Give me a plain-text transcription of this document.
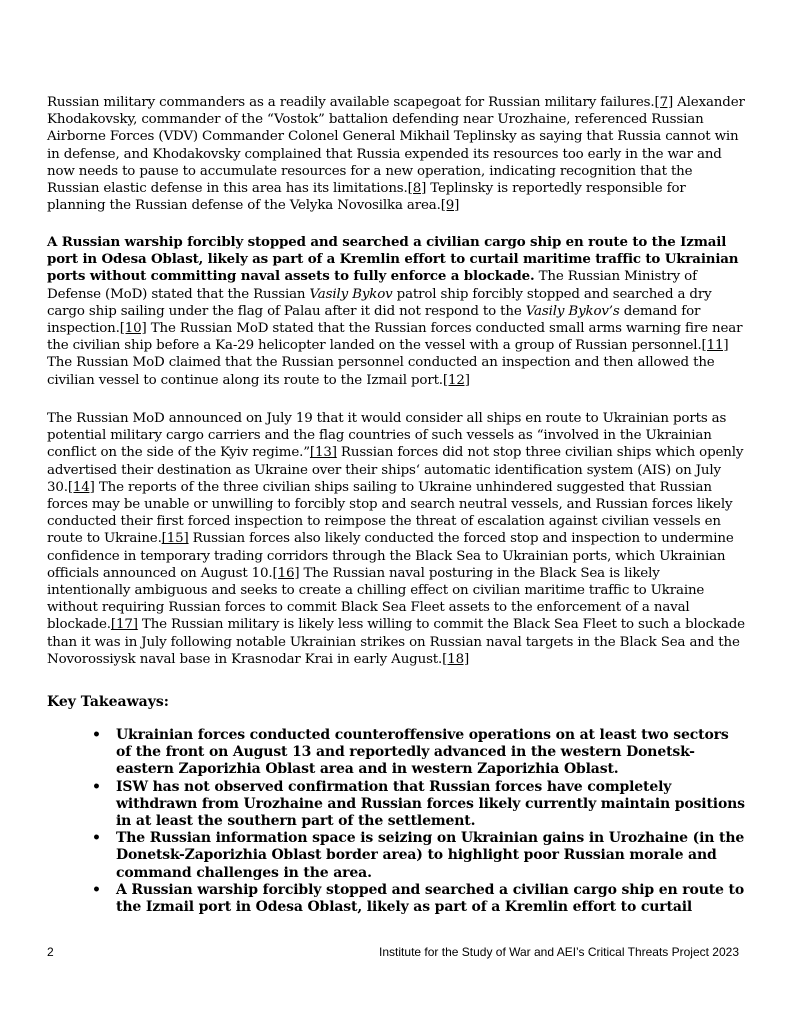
Russian military commanders as a readily available scapegoat for Russian military failures.[7] Alexander Khodakovsky, commander of the “Vostok” battalion defending near Urozhaine, referenced Russian Airborne Forces (VDV) Commander Colonel General Mikhail Teplinsky as saying that Russia cannot win in defense, and Khodakovsky complained that Russia expended its resources too early in the war and now needs to pause to accumulate resources for a new operation, indicating recognition that the Russian elastic defense in this area has its limitations.[8] Teplinsky is reportedly responsible for planning the Russian defense of the Velyka Novosilka area.[9]
A Russian warship forcibly stopped and searched a civilian cargo ship en route to the Izmail port in Odesa Oblast, likely as part of a Kremlin effort to curtail maritime traffic to Ukrainian ports without committing naval assets to fully enforce a blockade. The Russian Ministry of Defense (MoD) stated that the Russian Vasily Bykov patrol ship forcibly stopped and searched a dry cargo ship sailing under the flag of Palau after it did not respond to the Vasily Bykov’s demand for inspection.[10] The Russian MoD stated that the Russian forces conducted small arms warning fire near the civilian ship before a Ka-29 helicopter landed on the vessel with a group of Russian personnel.[11] The Russian MoD claimed that the Russian personnel conducted an inspection and then allowed the civilian vessel to continue along its route to the Izmail port.[12]
The Russian MoD announced on July 19 that it would consider all ships en route to Ukrainian ports as potential military cargo carriers and the flag countries of such vessels as “involved in the Ukrainian conflict on the side of the Kyiv regime.”[13] Russian forces did not stop three civilian ships which openly advertised their destination as Ukraine over their ships‘ automatic identification system (AIS) on July 30.[14] The reports of the three civilian ships sailing to Ukraine unhindered suggested that Russian forces may be unable or unwilling to forcibly stop and search neutral vessels, and Russian forces likely conducted their first forced inspection to reimpose the threat of escalation against civilian vessels en route to Ukraine.[15] Russian forces also likely conducted the forced stop and inspection to undermine confidence in temporary trading corridors through the Black Sea to Ukrainian ports, which Ukrainian officials announced on August 10.[16] The Russian naval posturing in the Black Sea is likely intentionally ambiguous and seeks to create a chilling effect on civilian maritime traffic to Ukraine without requiring Russian forces to commit Black Sea Fleet assets to the enforcement of a naval blockade.[17] The Russian military is likely less willing to commit the Black Sea Fleet to such a blockade than it was in July following notable Ukrainian strikes on Russian naval targets in the Black Sea and the Novorossiysk naval base in Krasnodar Krai in early August.[18]
Key Takeaways:
• Ukrainian forces conducted counteroffensive operations on at least two sectors of the front on August 13 and reportedly advanced in the western Donetsk-eastern Zaporizhia Oblast area and in western Zaporizhia Oblast.
• ISW has not observed confirmation that Russian forces have completely withdrawn from Urozhaine and Russian forces likely currently maintain positions in at least the southern part of the settlement.
• The Russian information space is seizing on Ukrainian gains in Urozhaine (in the Donetsk-Zaporizhia Oblast border area) to highlight poor Russian morale and command challenges in the area.
• A Russian warship forcibly stopped and searched a civilian cargo ship en route to the Izmail port in Odesa Oblast, likely as part of a Kremlin effort to curtail
2	Institute for the Study of War and AEI’s Critical Threats Project 2023
